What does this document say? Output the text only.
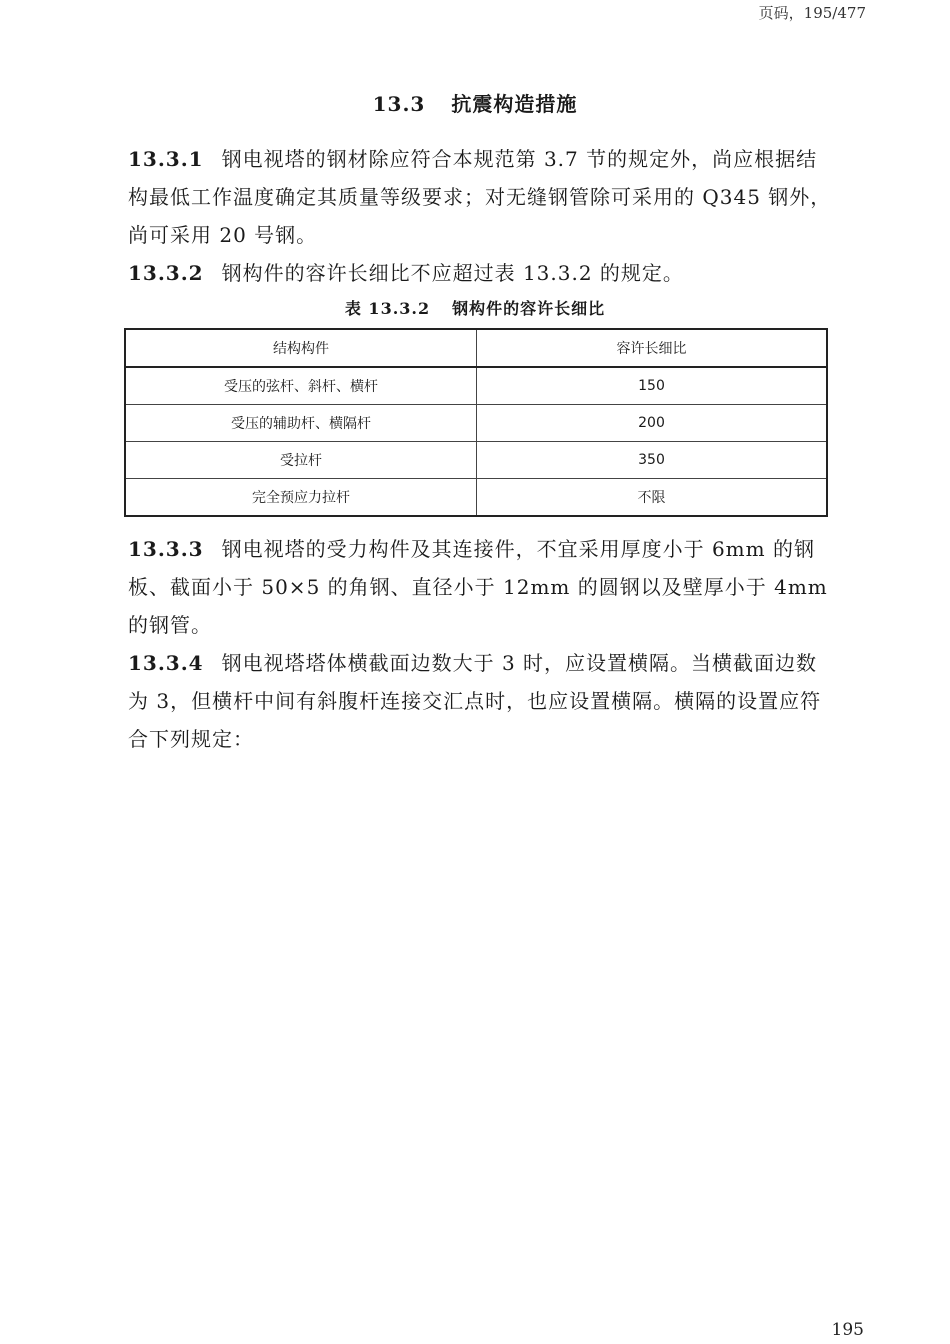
页码，195/477
13.3 抗震构造措施
13.3.1 钢电视塔的钢材除应符合本规范第 3.7 节的规定外，尚应根据结构最低工作温度确定其质量等级要求；对无缝钢管除可采用的 Q345 钢外，尚可采用 20 号钢。
13.3.2 钢构件的容许长细比不应超过表 13.3.2 的规定。
表 13.3.2 钢构件的容许长细比
结构构件	容许长细比
受压的弦杆、斜杆、横杆	150
受压的辅助杆、横隔杆	200
受拉杆	350
完全预应力拉杆	不限
13.3.3 钢电视塔的受力构件及其连接件，不宜采用厚度小于 6mm 的钢板、截面小于 50×5 的角钢、直径小于 12mm 的圆钢以及壁厚小于 4mm 的钢管。
13.3.4 钢电视塔塔体横截面边数大于 3 时，应设置横隔。当横截面边数为 3，但横杆中间有斜腹杆连接交汇点时，也应设置横隔。横隔的设置应符合下列规定：
195
